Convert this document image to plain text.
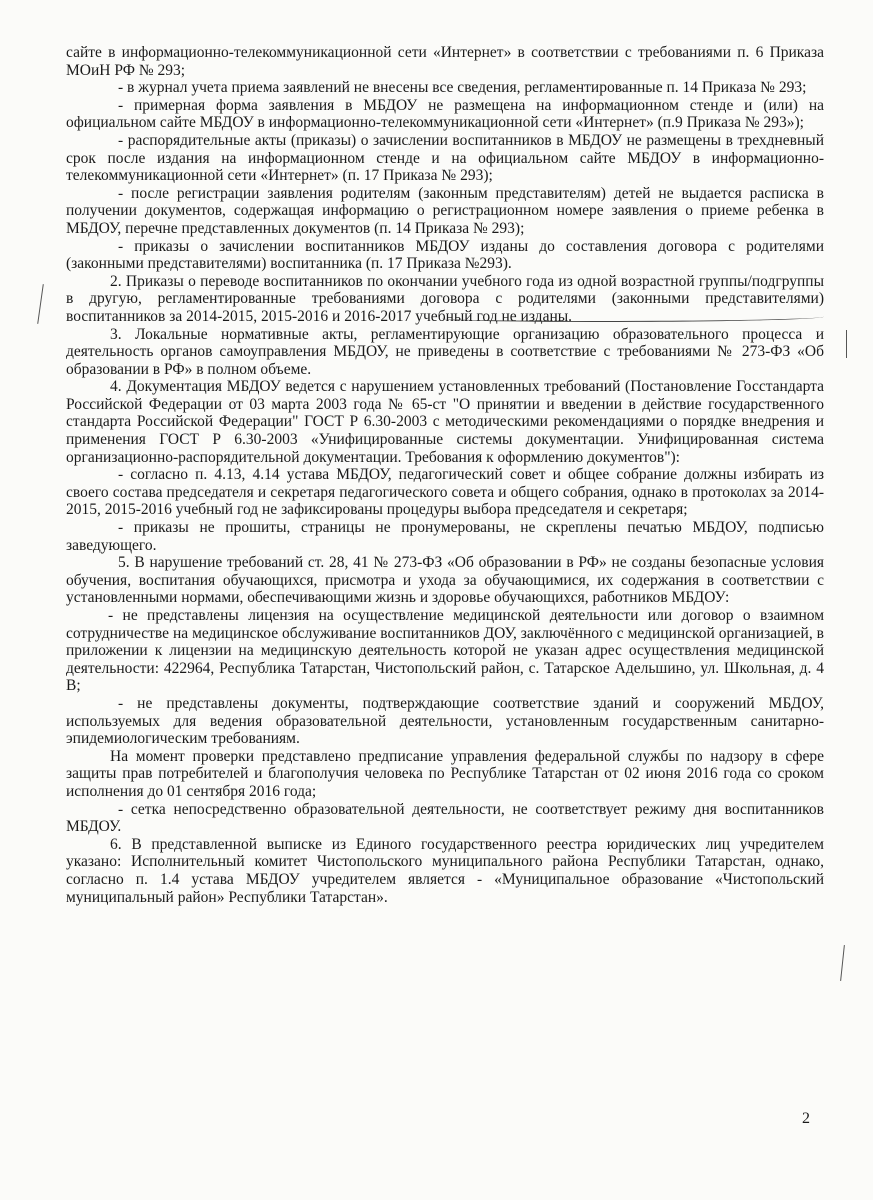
сайте в информационно-телекоммуникационной сети «Интернет» в соответствии с требованиями п. 6 Приказа МОиН РФ № 293;

- в журнал учета приема заявлений не внесены все сведения, регламентированные п. 14 Приказа № 293;

- примерная форма заявления в МБДОУ не размещена на информационном стенде и (или) на официальном сайте МБДОУ в информационно-телекоммуникационной сети «Интернет» (п.9 Приказа № 293»);

- распорядительные акты (приказы) о зачислении воспитанников в МБДОУ не размещены в трехдневный срок после издания на информационном стенде и на официальном сайте МБДОУ в информационно-телекоммуникационной сети «Интернет» (п. 17 Приказа № 293);

- после регистрации заявления родителям (законным представителям) детей не выдается расписка в получении документов, содержащая информацию о регистрационном номере заявления о приеме ребенка в МБДОУ, перечне представленных документов (п. 14 Приказа № 293);

- приказы о зачислении воспитанников МБДОУ изданы до составления договора с родителями (законными представителями) воспитанника (п. 17 Приказа №293).

2. Приказы о переводе воспитанников по окончании учебного года из одной возрастной группы/подгруппы в другую, регламентированные требованиями договора с родителями (законными представителями) воспитанников за 2014-2015, 2015-2016 и 2016-2017 учебный год не изданы.

3. Локальные нормативные акты, регламентирующие организацию образовательного процесса и деятельность органов самоуправления МБДОУ, не приведены в соответствие с требованиями № 273-ФЗ «Об образовании в РФ» в полном объеме.

4. Документация МБДОУ ведется с нарушением установленных требований (Постановление Госстандарта Российской Федерации от 03 марта 2003 года № 65-ст "О принятии и введении в действие государственного стандарта Российской Федерации" ГОСТ Р 6.30-2003 с методическими рекомендациями о порядке внедрения и применения ГОСТ Р 6.30-2003 «Унифицированные системы документации. Унифицированная система организационно-распорядительной документации. Требования к оформлению документов"):

- согласно п. 4.13, 4.14 устава МБДОУ, педагогический совет и общее собрание должны избирать из своего состава председателя и секретаря педагогического совета и общего собрания, однако в протоколах за 2014-2015, 2015-2016 учебный год не зафиксированы процедуры выбора председателя и секретаря;

- приказы не прошиты, страницы не пронумерованы, не скреплены печатью МБДОУ, подписью заведующего.

5. В нарушение требований ст. 28, 41 № 273-ФЗ «Об образовании в РФ» не созданы безопасные условия обучения, воспитания обучающихся, присмотра и ухода за обучающимися, их содержания в соответствии с установленными нормами, обеспечивающими жизнь и здоровье обучающихся, работников МБДОУ:

- не представлены лицензия на осуществление медицинской деятельности или договор о взаимном сотрудничестве на медицинское обслуживание воспитанников ДОУ, заключённого с медицинской организацией, в приложении к лицензии на медицинскую деятельность которой не указан адрес осуществления медицинской деятельности: 422964, Республика Татарстан, Чистопольский район, с. Татарское Адельшино, ул. Школьная, д. 4 В;

- не представлены документы, подтверждающие соответствие зданий и сооружений МБДОУ, используемых для ведения образовательной деятельности, установленным государственным санитарно-эпидемиологическим требованиям.

На момент проверки представлено предписание управления федеральной службы по надзору в сфере защиты прав потребителей и благополучия человека по Республике Татарстан от 02 июня 2016 года со сроком исполнения до 01 сентября 2016 года;

- сетка непосредственно образовательной деятельности, не соответствует режиму дня воспитанников МБДОУ.

6. В представленной выписке из Единого государственного реестра юридических лиц учредителем указано: Исполнительный комитет Чистопольского муниципального района Республики Татарстан, однако, согласно п. 1.4 устава МБДОУ учредителем является - «Муниципальное образование «Чистопольский муниципальный район» Республики Татарстан».

2
